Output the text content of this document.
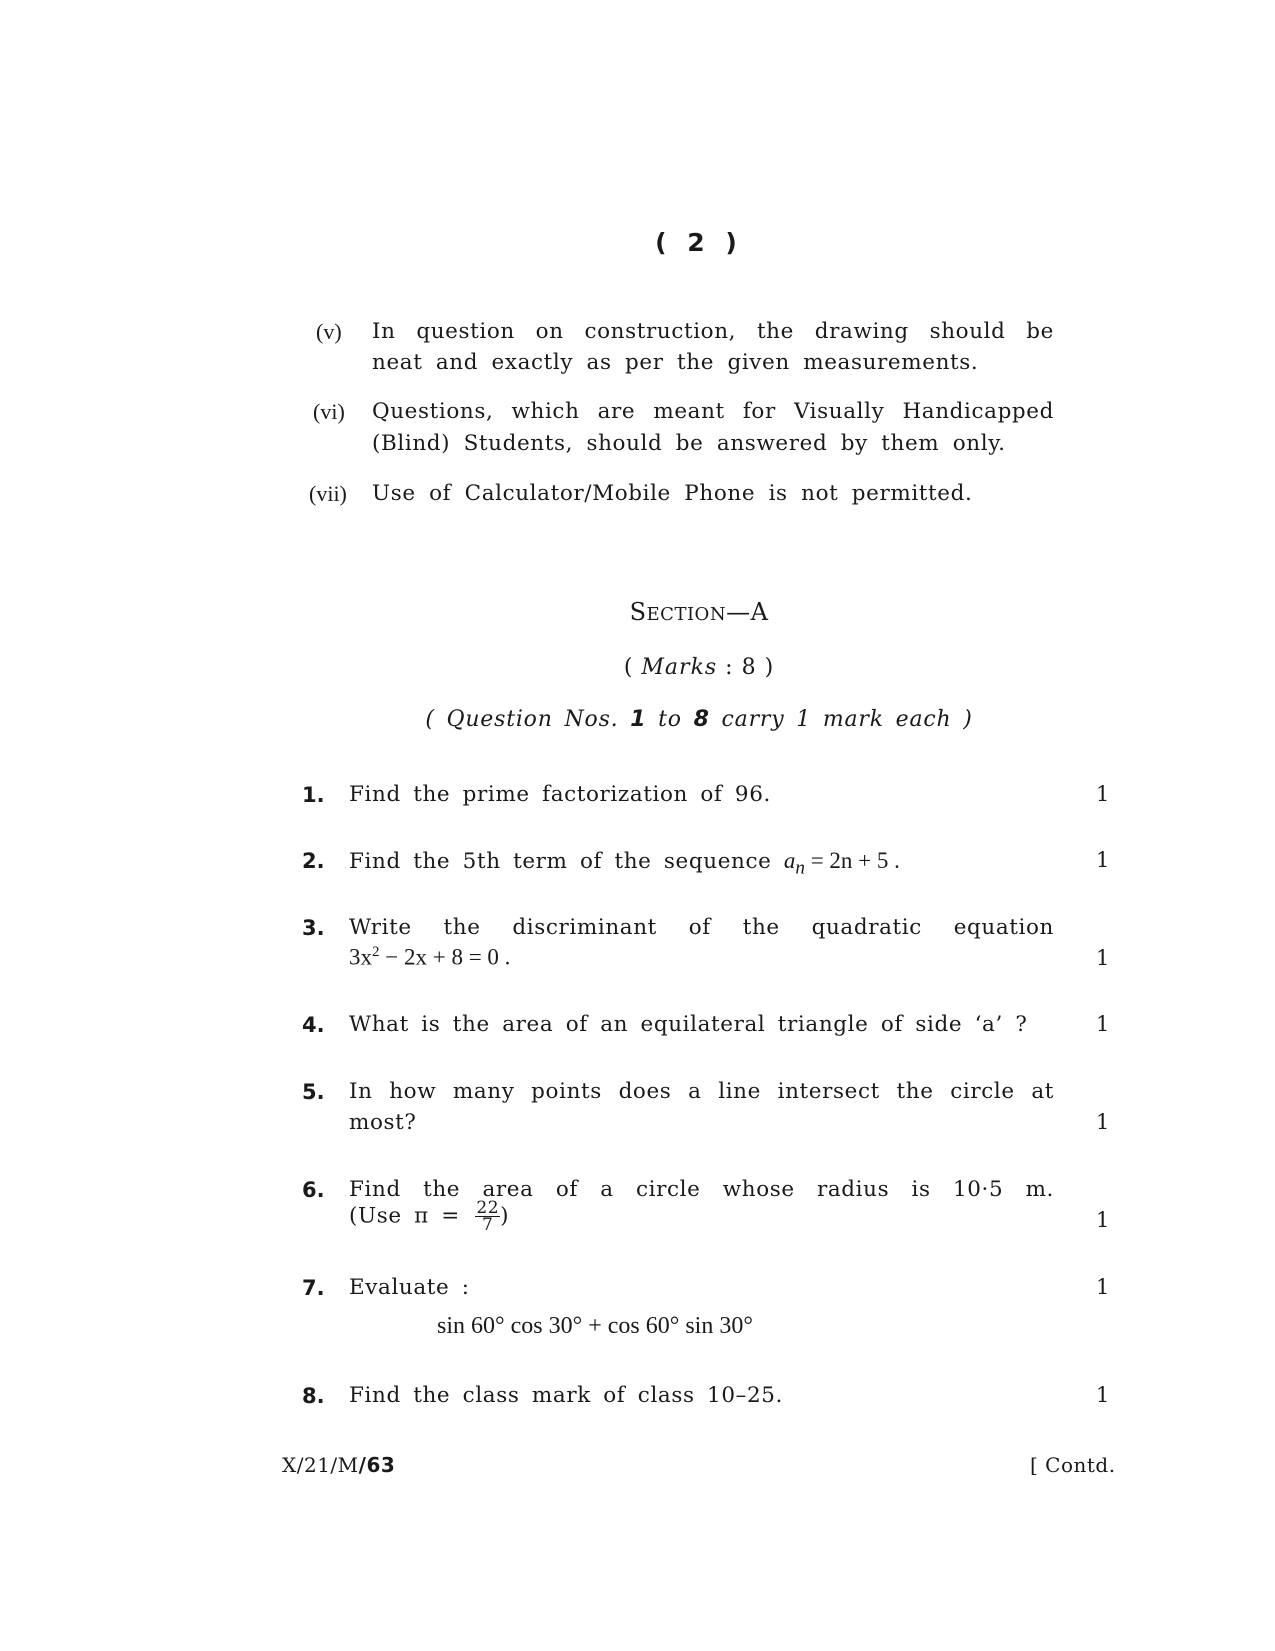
( 2 )
(v) In question on construction, the drawing should be
neat and exactly as per the given measurements.
(vi) Questions, which are meant for Visually Handicapped
(Blind) Students, should be answered by them only.
(vii) Use of Calculator/Mobile Phone is not permitted.
SECTION—A
( Marks : 8 )
( Question Nos. 1 to 8 carry 1 mark each )
1. Find the prime factorization of 96.	1
2. Find the 5th term of the sequence $a_n = 2n + 5$ .	1
3. Write the discriminant of the quadratic equation
$3x^2 - 2x + 8 = 0$ .	1
4. What is the area of an equilateral triangle of side ‘a’ ?	1
5. In how many points does a line intersect the circle at
most?	1
6. Find the area of a circle whose radius is 10·5 m.
(Use $\pi = \frac{22}{7}$ )	1
7. Evaluate :
sin 60° cos 30° + cos 60° sin 30°
1
8. Find the class mark of class 10–25.	1
X/21/M/63	[ Contd.
